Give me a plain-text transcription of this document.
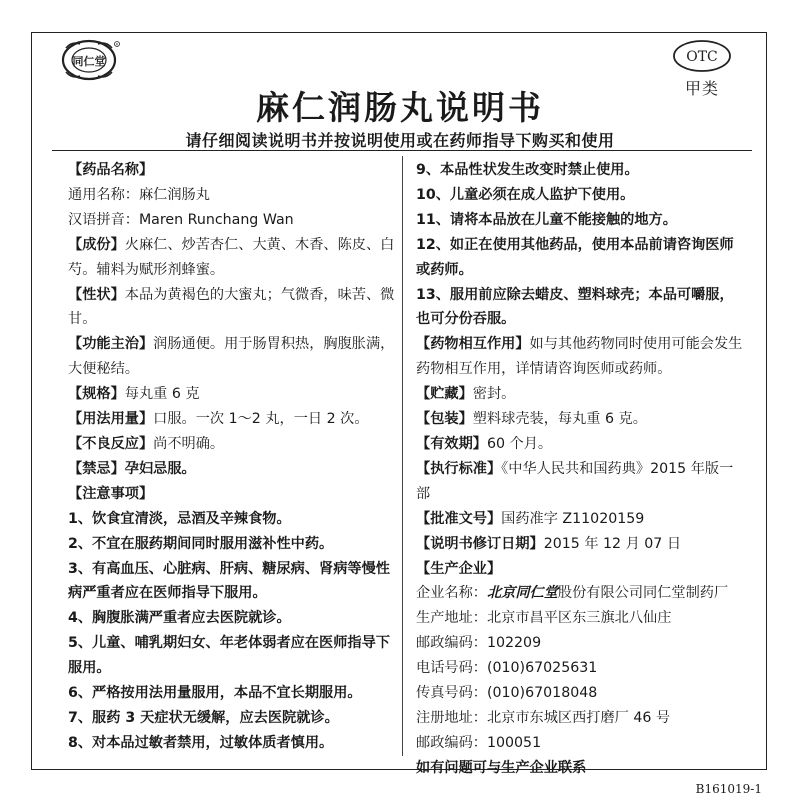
同仁堂
R
OTC
甲类
麻仁润肠丸说明书
请仔细阅读说明书并按说明使用或在药师指导下购买和使用

【药品名称】

通用名称：麻仁润肠丸

汉语拼音：Maren Runchang Wan

【成份】火麻仁、炒苦杏仁、大黄、木香、陈皮、白芍。辅料为赋形剂蜂蜜。

【性状】本品为黄褐色的大蜜丸；气微香，味苦、微甘。

【功能主治】润肠通便。用于肠胃积热，胸腹胀满，大便秘结。

【规格】每丸重 6 克

【用法用量】口服。一次 1～2 丸，一日 2 次。

【不良反应】尚不明确。

【禁忌】孕妇忌服。

【注意事项】

1、饮食宜清淡，忌酒及辛辣食物。

2、不宜在服药期间同时服用滋补性中药。

3、有高血压、心脏病、肝病、糖尿病、肾病等慢性病严重者应在医师指导下服用。

4、胸腹胀满严重者应去医院就诊。

5、儿童、哺乳期妇女、年老体弱者应在医师指导下服用。

6、严格按用法用量服用，本品不宜长期服用。

7、服药 3 天症状无缓解，应去医院就诊。

8、对本品过敏者禁用，过敏体质者慎用。

9、本品性状发生改变时禁止使用。

10、儿童必须在成人监护下使用。

11、请将本品放在儿童不能接触的地方。

12、如正在使用其他药品，使用本品前请咨询医师或药师。

13、服用前应除去蜡皮、塑料球壳；本品可嚼服，也可分份吞服。

【药物相互作用】如与其他药物同时使用可能会发生药物相互作用，详情请咨询医师或药师。

【贮藏】密封。

【包装】塑料球壳装，每丸重 6 克。

【有效期】60 个月。

【执行标准】《中华人民共和国药典》2015 年版一部

【批准文号】国药准字 Z11020159

【说明书修订日期】2015 年 12 月 07 日

【生产企业】

企业名称：北京同仁堂股份有限公司同仁堂制药厂

生产地址：北京市昌平区东三旗北八仙庄

邮政编码：102209

电话号码：(010)67025631

传真号码：(010)67018048

注册地址：北京市东城区西打磨厂 46 号

邮政编码：100051

如有问题可与生产企业联系

B161019-1
